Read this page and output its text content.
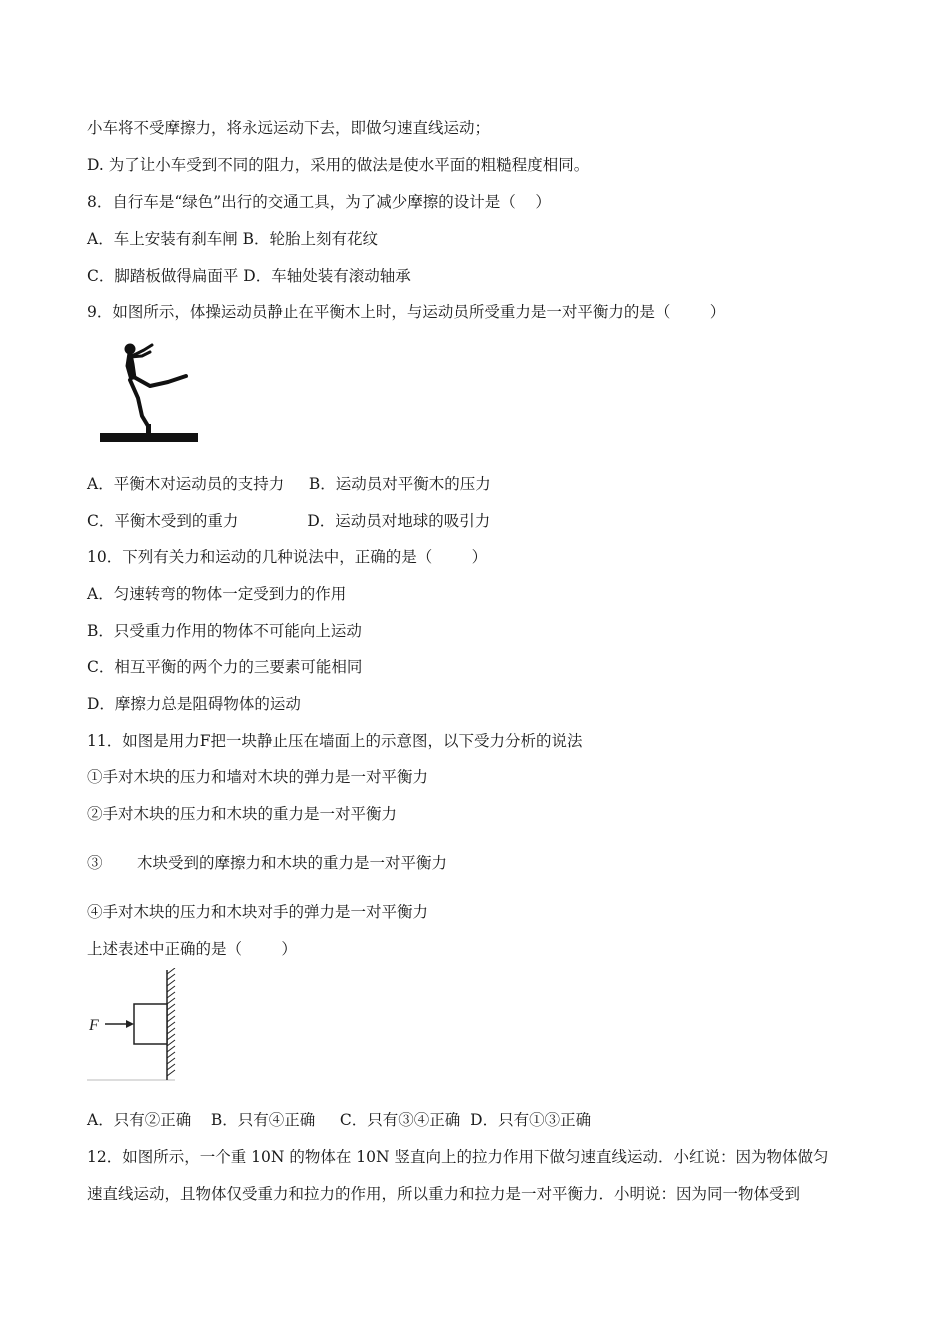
小车将不受摩擦力，将永远运动下去，即做匀速直线运动；
D. 为了让小车受到不同的阻力，采用的做法是使水平面的粗糙程度相同。
8．自行车是“绿色”出行的交通工具，为了减少摩擦的设计是（    ）
A．车上安装有刹车闸 B．轮胎上刻有花纹
C．脚踏板做得扁面平 D．车轴处装有滚动轴承
9．如图所示，体操运动员静止在平衡木上时，与运动员所受重力是一对平衡力的是（        ）
A．平衡木对运动员的支持力     B．运动员对平衡木的压力
C．平衡木受到的重力              D．运动员对地球的吸引力
10．下列有关力和运动的几种说法中，正确的是（        ）
A．匀速转弯的物体一定受到力的作用
B．只受重力作用的物体不可能向上运动
C．相互平衡的两个力的三要素可能相同
D．摩擦力总是阻碍物体的运动
11．如图是用力F把一块静止压在墙面上的示意图，以下受力分析的说法
①手对木块的压力和墙对木块的弹力是一对平衡力
②手对木块的压力和木块的重力是一对平衡力
③       木块受到的摩擦力和木块的重力是一对平衡力
④手对木块的压力和木块对手的弹力是一对平衡力
上述表述中正确的是（        ）
F
A．只有②正确    B．只有④正确     C．只有③④正确  D．只有①③正确
12．如图所示，一个重 10N 的物体在 10N 竖直向上的拉力作用下做匀速直线运动．小红说：因为物体做匀
速直线运动，且物体仅受重力和拉力的作用，所以重力和拉力是一对平衡力．小明说：因为同一物体受到
